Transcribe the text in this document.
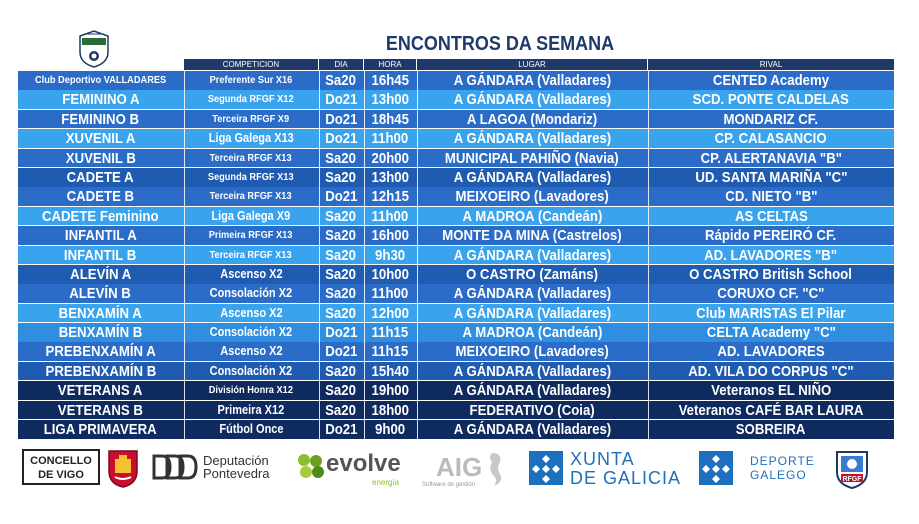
ENCONTROS DA SEMANA
COMPETICION	DIA	HORA	LUGAR	RIVAL
Club Deportivo VALLADARES	Preferente Sur X16	Sa20 16h45	A GÁNDARA (Valladares)	CENTED Academy
FEMININO A	Segunda RFGF X12	Do21 13h00	A GÁNDARA (Valladares)	SCD. PONTE CALDELAS
FEMININO B	Terceira RFGF X9	Do21 18h45	A LAGOA (Mondariz)	MONDARIZ CF.
XUVENIL A	Liga Galega X13	Do21 11h00	A GÁNDARA (Valladares)	CP. CALASANCIO
XUVENIL B	Terceira RFGF X13	Sa20 20h00	MUNICIPAL PAHIÑO (Navia)	CP. ALERTANAVIA "B"
CADETE A	Segunda RFGF X13	Sa20 13h00	A GÁNDARA (Valladares)	UD. SANTA MARIÑA "C"
CADETE B	Terceira RFGF X13	Do21 12h15	MEIXOEIRO (Lavadores)	CD. NIETO "B"
CADETE Feminino	Liga Galega X9	Sa20	11h00	A MADROA (Candeán)	AS CELTAS
INFANTIL A	Primeira RFGF X13	Sa20 16h00	MONTE DA MINA (Castrelos)	Rápido PEREIRÓ CF.
INFANTIL B	Terceira RFGF X13	Sa20	9h30	A GÁNDARA (Valladares)	AD. LAVADORES "B"
ALEVÍN A	Ascenso X2	Sa20 10h00	O CASTRO (Zamáns)	O CASTRO British School
ALEVÍN B	Consolación X2	Sa20	11h00	A GÁNDARA (Valladares)	CORUXO CF. "C"
BENXAMÍN A	Ascenso X2	Sa20 12h00	A GÁNDARA (Valladares)	Club MARISTAS El Pilar
BENXAMÍN B	Consolación X2	Do21 11h15	A MADROA (Candeán)	CELTA Academy "C"
PREBENXAMÍN A	Ascenso X2	Do21 11h15	MEIXOEIRO (Lavadores)	AD. LAVADORES
PREBENXAMÍN B	Consolación X2	Sa20 15h40	A GÁNDARA (Valladares)	AD. VILA DO CORPUS "C"
VETERANS A	División Honra X12	Sa20 19h00	A GÁNDARA (Valladares)	Veteranos EL NIÑO
VETERANS B	Primeira X12	Sa20 18h00	FEDERATIVO (Coia)	Veteranos CAFÉ BAR LAURA
LIGA PRIMAVERA	Fútbol Once	Do21	9h00	A GÁNDARA (Valladares)	SOBREIRA
CONCELLO
DE VIGO
Deputación
Pontevedra evolve
energía
AIG
Software de gestión
XUNTA
DE GALICIA
DEPORTE
GALEGO	RFGF
